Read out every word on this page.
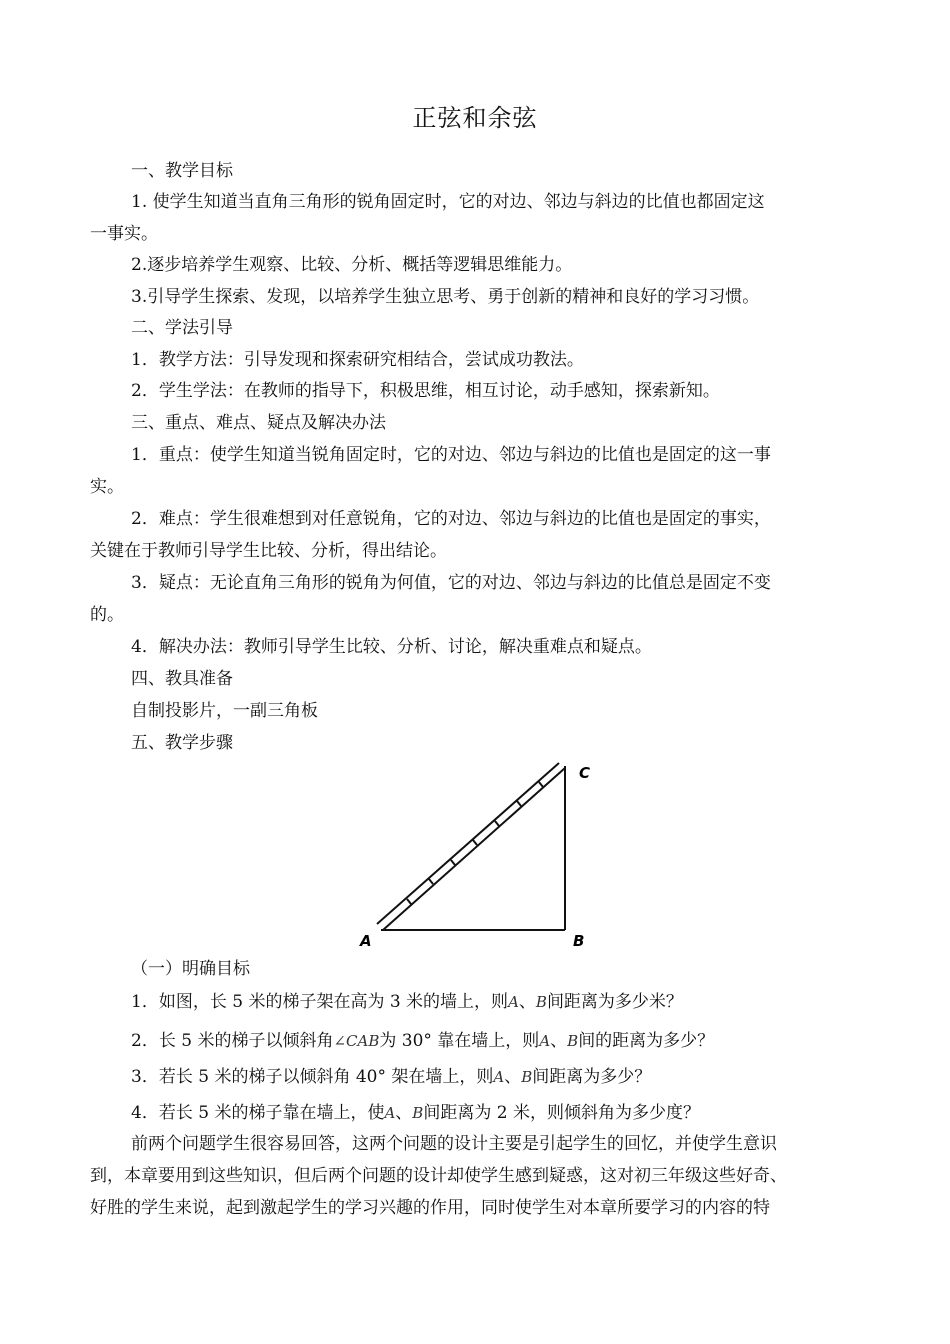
正弦和余弦
一、教学目标
1. 使学生知道当直角三角形的锐角固定时，它的对边、邻边与斜边的比值也都固定这
一事实。
2.逐步培养学生观察、比较、分析、概括等逻辑思维能力。
3.引导学生探索、发现，以培养学生独立思考、勇于创新的精神和良好的学习习惯。
二、学法引导
1．教学方法：引导发现和探索研究相结合，尝试成功教法。
2．学生学法：在教师的指导下，积极思维，相互讨论，动手感知，探索新知。
三、重点、难点、疑点及解决办法
1．重点：使学生知道当锐角固定时，它的对边、邻边与斜边的比值也是固定的这一事
实。
2．难点：学生很难想到对任意锐角，它的对边、邻边与斜边的比值也是固定的事实，
关键在于教师引导学生比较、分析，得出结论。
3．疑点：无论直角三角形的锐角为何值，它的对边、邻边与斜边的比值总是固定不变
的。
4．解决办法：教师引导学生比较、分析、讨论，解决重难点和疑点。
四、教具准备
自制投影片，一副三角板
五、教学步骤
A	B
C
（一）明确目标
1．如图，长 5 米的梯子架在高为 3 米的墙上，则A、B间距离为多少米？
2．长 5 米的梯子以倾斜角∠CAB为 30° 靠在墙上，则A、B间的距离为多少？
3．若长 5 米的梯子以倾斜角 40° 架在墙上，则A、B间距离为多少？
4．若长 5 米的梯子靠在墙上，使A、B间距离为 2 米，则倾斜角为多少度？
前两个问题学生很容易回答，这两个问题的设计主要是引起学生的回忆，并使学生意识
到，本章要用到这些知识，但后两个问题的设计却使学生感到疑惑，这对初三年级这些好奇、
好胜的学生来说，起到激起学生的学习兴趣的作用，同时使学生对本章所要学习的内容的特
